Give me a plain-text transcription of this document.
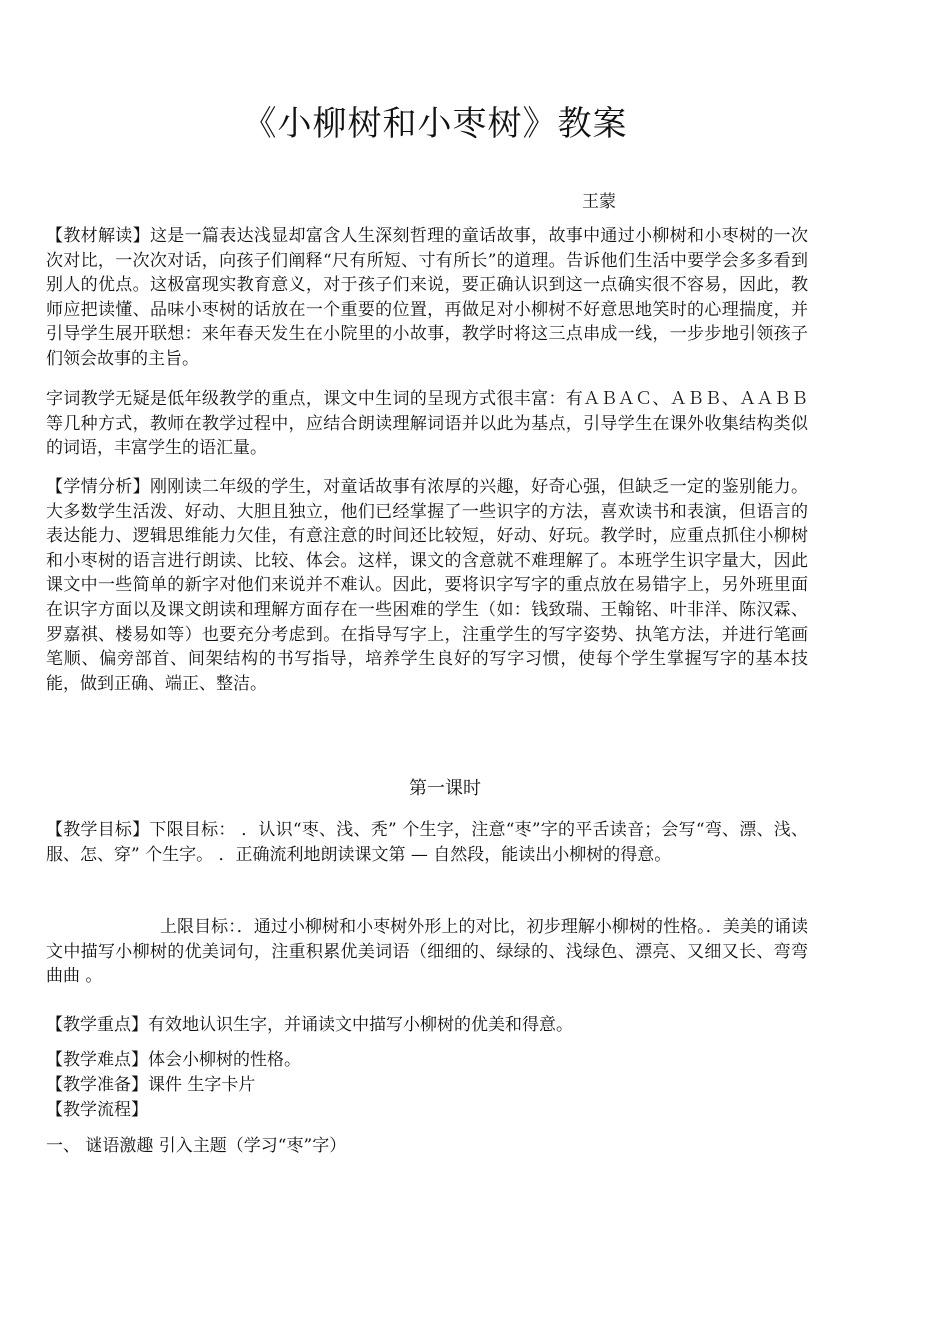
《小柳树和小枣树》教案
王蒙

【教材解读】这是一篇表达浅显却富含人生深刻哲理的童话故事，故事中通过小柳树和小枣树的一次次对比，一次次对话，向孩子们阐释“尺有所短、寸有所长”的道理。告诉他们生活中要学会多多看到别人的优点。这极富现实教育意义，对于孩子们来说，要正确认识到这一点确实很不容易，因此，教师应把读懂、品味小枣树的话放在一个重要的位置，再做足对小柳树不好意思地笑时的心理揣度，并引导学生展开联想：来年春天发生在小院里的小故事，教学时将这三点串成一线，一步步地引领孩子们领会故事的主旨。

字词教学无疑是低年级教学的重点，课文中生词的呈现方式很丰富：有ＡＢＡＣ、ＡＢＢ、ＡＡＢＢ等几种方式，教师在教学过程中，应结合朗读理解词语并以此为基点，引导学生在课外收集结构类似的词语，丰富学生的语汇量。

【学情分析】刚刚读二年级的学生，对童话故事有浓厚的兴趣，好奇心强，但缺乏一定的鉴别能力。大多数学生活泼、好动、大胆且独立，他们已经掌握了一些识字的方法，喜欢读书和表演，但语言的表达能力、逻辑思维能力欠佳，有意注意的时间还比较短，好动、好玩。教学时，应重点抓住小柳树和小枣树的语言进行朗读、比较、体会。这样，课文的含意就不难理解了。本班学生识字量大，因此课文中一些简单的新字对他们来说并不难认。因此，要将识字写字的重点放在易错字上，另外班里面在识字方面以及课文朗读和理解方面存在一些困难的学生（如：钱致瑞、王翰铭、叶非洋、陈汉霖、罗嘉祺、楼易如等）也要充分考虑到。在指导写字上，注重学生的写字姿势、执笔方法，并进行笔画笔顺、偏旁部首、间架结构的书写指导，培养学生良好的写字习惯，使每个学生掌握写字的基本技能，做到正确、端正、整洁。

第一课时

【教学目标】下限目标： ．认识“枣、浅、秃” 个生字，注意“枣”字的平舌读音；会写“弯、漂、浅、服、怎、穿” 个生字。 ．正确流利地朗读课文第 — 自然段，能读出小柳树的得意。

上限目标：．通过小柳树和小枣树外形上的对比，初步理解小柳树的性格。．美美的诵读文中描写小柳树的优美词句，注重积累优美词语（细细的、绿绿的、浅绿色、漂亮、又细又长、弯弯曲曲 。

【教学重点】有效地认识生字，并诵读文中描写小柳树的优美和得意。
【教学难点】体会小柳树的性格。
【教学准备】课件 生字卡片
【教学流程】
一、 谜语激趣 引入主题（学习“枣”字）
